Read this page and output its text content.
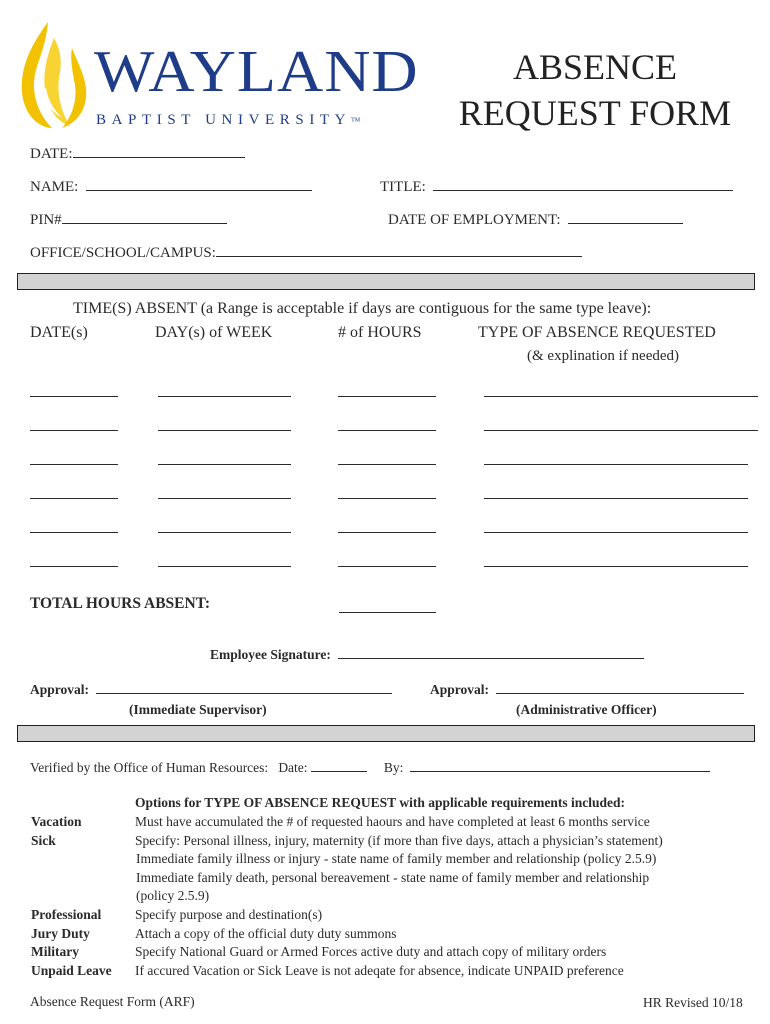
WAYLAND
BAPTIST UNIVERSITYTM
ABSENCE
REQUEST FORM
DATE:
NAME:	TITLE:
PIN#	DATE OF EMPLOYMENT:
OFFICE/SCHOOL/CAMPUS:
TIME(S) ABSENT (a Range is acceptable if days are contiguous for the same type leave):
DATE(s)	DAY(s) of WEEK	# of HOURS	TYPE OF ABSENCE REQUESTED
(& explination if needed)
TOTAL HOURS ABSENT:
Employee Signature:
Approval:
(Immediate Supervisor)
Approval:
(Administrative Officer)
Verified by the Office of Human Resources: Date:	By:
Options for TYPE OF ABSENCE REQUEST with applicable requirements included:
Vacation	Must have accumulated the # of requested haours and have completed at least 6 months service
Sick	Specify: Personal illness, injury, maternity (if more than five days, attach a physician’s statement)
Immediate family illness or injury - state name of family member and relationship (policy 2.5.9)
Immediate family death, personal bereavement - state name of family member and relationship
(policy 2.5.9)
Professional	Specify purpose and destination(s)
Jury Duty	Attach a copy of the official duty duty summons
Military	Specify National Guard or Armed Forces active duty and attach copy of military orders
Unpaid Leave If accured Vacation or Sick Leave is not adeqate for absence, indicate UNPAID preference
Absence Request Form (ARF)	HR Revised 10/18
